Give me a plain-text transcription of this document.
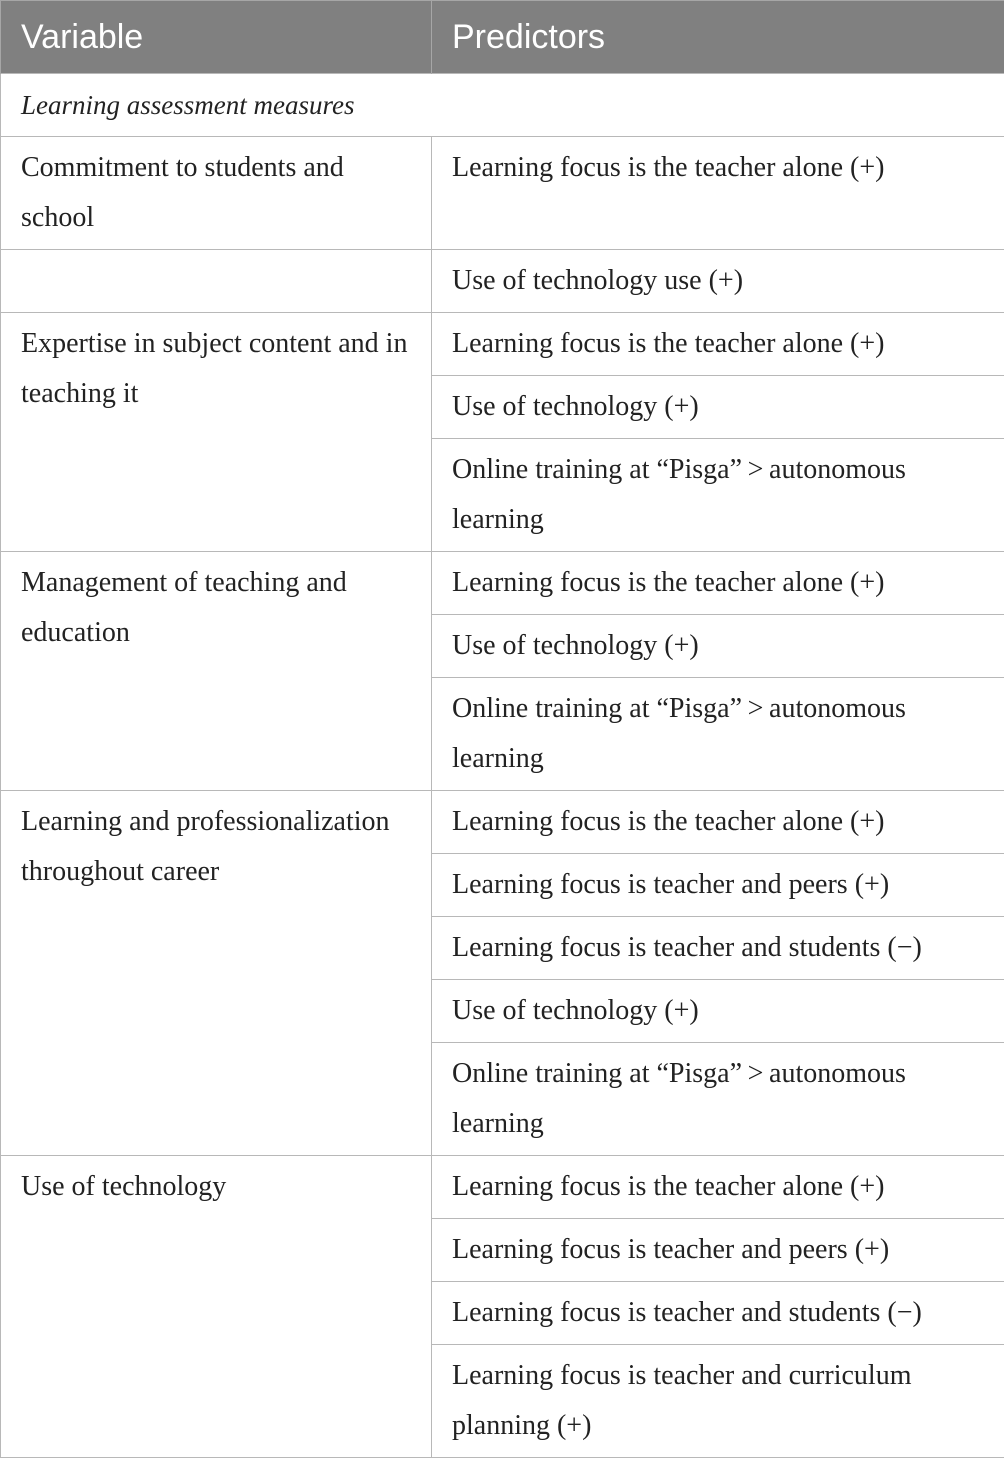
Variable	Predictors
Learning assessment measures	
Commitment to students and school	Learning focus is the teacher alone (+)
	Use of technology use (+)
Expertise in subject content and in teaching it	Learning focus is the teacher alone (+)
	Use of technology (+)
	Online training at “Pisga” > autonomous learning
Management of teaching and education	Learning focus is the teacher alone (+)
	Use of technology (+)
	Online training at “Pisga” > autonomous learning
Learning and professionalization throughout career	Learning focus is the teacher alone (+)
	Learning focus is teacher and peers (+)
	Learning focus is teacher and students (−)
	Use of technology (+)
	Online training at “Pisga” > autonomous learning
Use of technology	Learning focus is the teacher alone (+)
	Learning focus is teacher and peers (+)
	Learning focus is teacher and students (−)
	Learning focus is teacher and curriculum planning (+)
